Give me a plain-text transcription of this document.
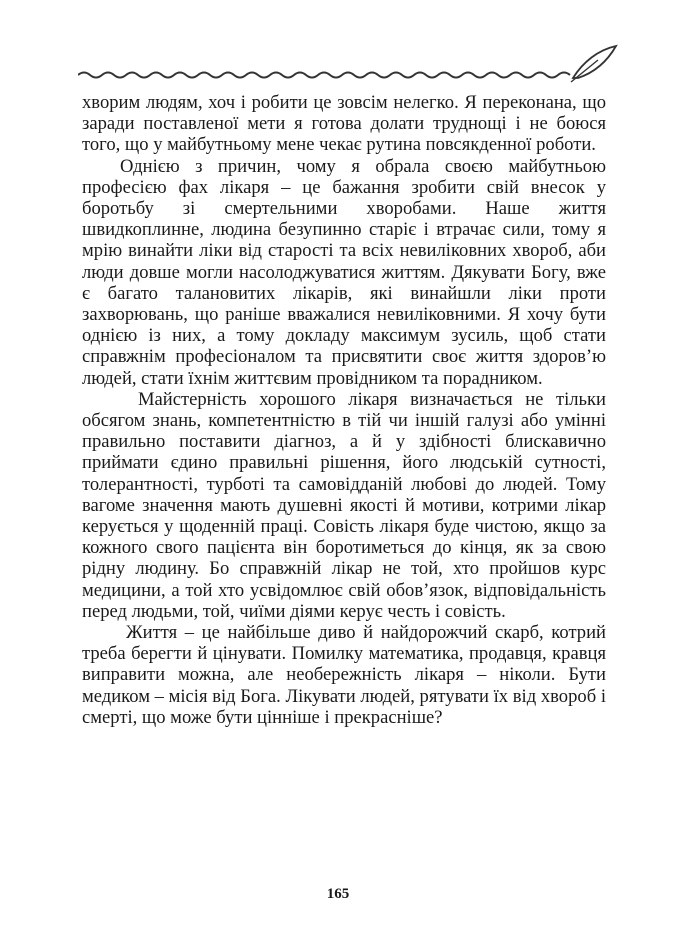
хворим людям, хоч і робити це зовсім нелегко. Я переконана, що заради поставленої мети я готова долати труднощі і не боюся того, що у майбутньому мене чекає рутина повсякденної роботи.

Однією з причин, чому я обрала своєю майбутньою професією фах лікаря – це бажання зробити свій внесок у боротьбу зі смертельними хворобами. Наше життя швидкоплинне, людина безупинно старіє і втрачає сили, тому я мрію винайти ліки від старості та всіх невиліковних хвороб, аби люди довше могли насолоджуватися життям. Дякувати Богу, вже є багато талановитих лікарів, які винайшли ліки проти захворювань, що раніше вважалися невиліковними. Я хочу бути однією із них, а тому докладу максимум зусиль, щоб стати справжнім професіоналом та присвятити своє життя здоров’ю людей, стати їхнім життєвим провідником та порадником.

Майстерність хорошого лікаря визначається не тільки обсягом знань, компетентністю в тій чи іншій галузі або умінні правильно поставити діагноз, а й у здібності блискавично приймати єдино правильні рішення, його людській сутності, толерантності, турботі та самовідданій любові до людей. Тому вагоме значення мають душевні якості й мотиви, котрими лікар керується у щоденній праці. Совість лікаря буде чистою, якщо за кожного свого пацієнта він боротиметься до кінця, як за свою рідну людину. Бо справжній лікар не той, хто пройшов курс медицини, а той хто усвідомлює свій обов’язок, відповідальність перед людьми, той, чиїми діями керує честь і совість.

Життя – це найбільше диво й найдорожчий скарб, котрий треба берегти й цінувати. Помилку математика, продавця, кравця виправити можна, але необережність лікаря – ніколи. Бути медиком – місія від Бога. Лікувати людей, рятувати їх від хвороб і смерті, що може бути ціннішe і прекрасніше?

165
